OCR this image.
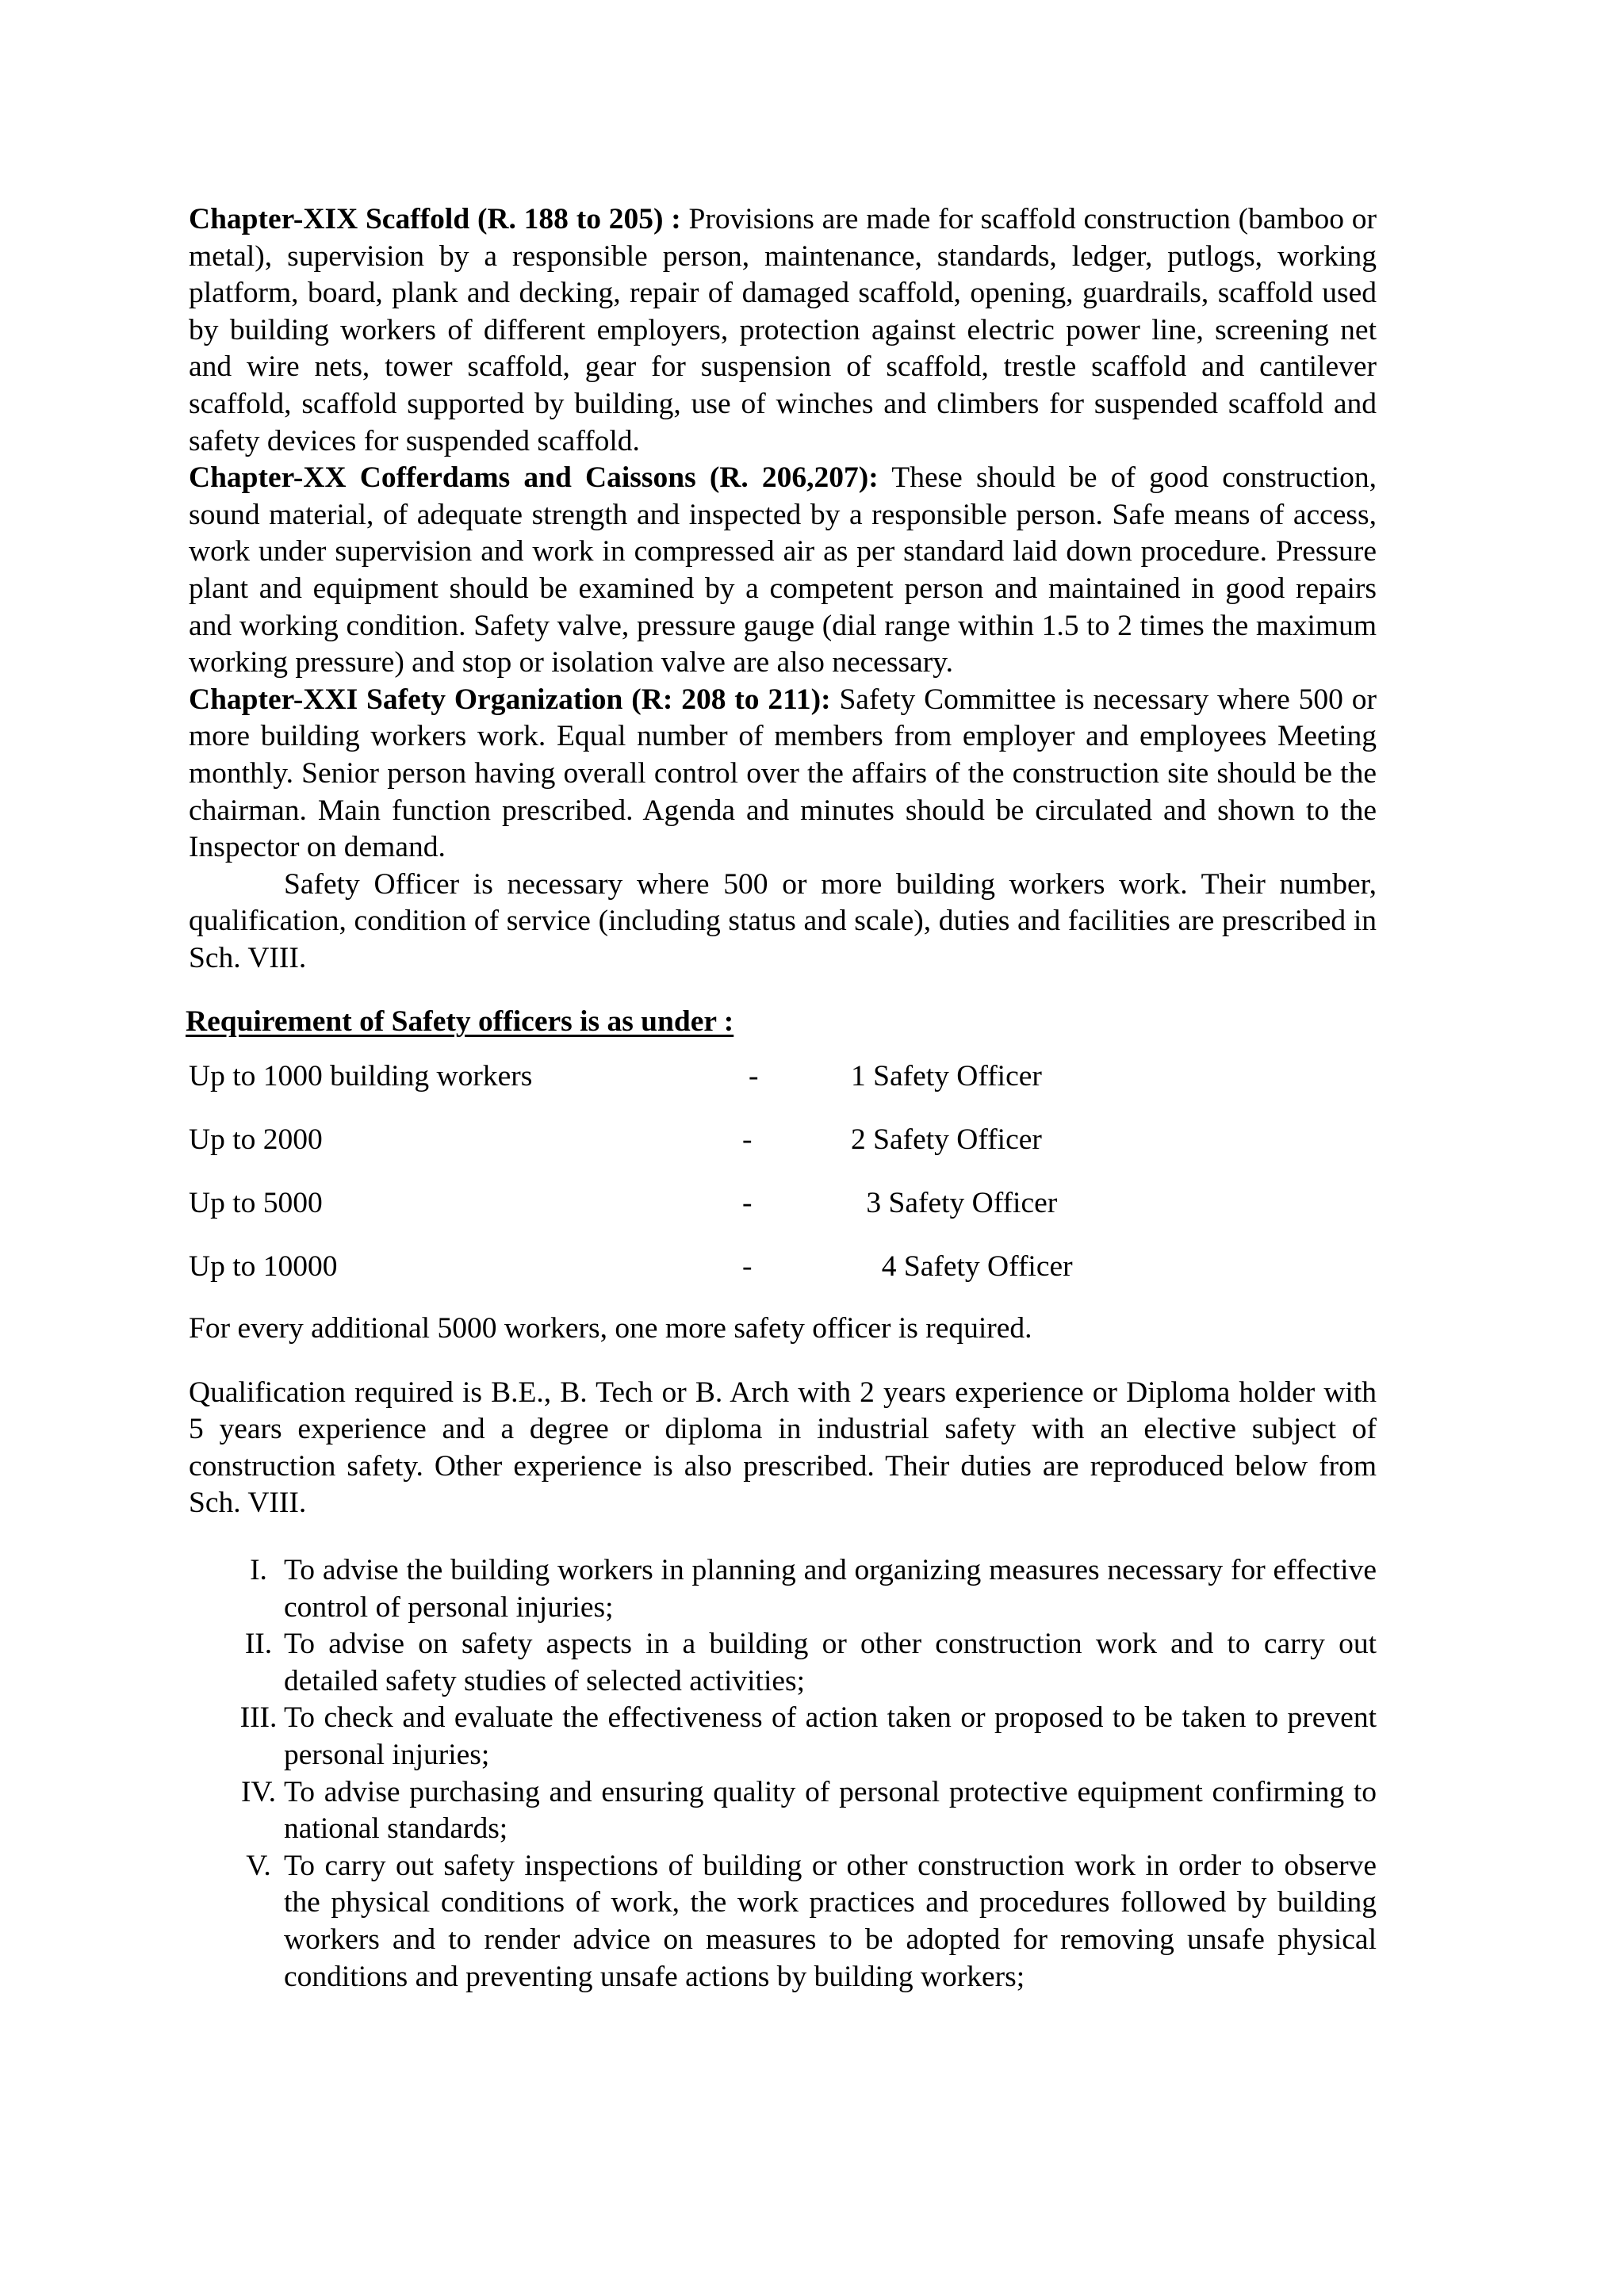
Chapter-XIX Scaffold (R. 188 to 205) : Provisions are made for scaffold construction (bamboo or metal), supervision by a responsible person, maintenance, standards, ledger, putlogs, working platform, board, plank and decking, repair of damaged scaffold, opening, guardrails, scaffold used by building workers of different employers, protection against electric power line, screening net and wire nets, tower scaffold, gear for suspension of scaffold, trestle scaffold and cantilever scaffold, scaffold supported by building, use of winches and climbers for suspended scaffold and safety devices for suspended scaffold.

Chapter-XX Cofferdams and Caissons (R. 206,207): These should be of good construction, sound material, of adequate strength and inspected by a responsible person. Safe means of access, work under supervision and work in compressed air as per standard laid down procedure. Pressure plant and equipment should be examined by a competent person and maintained in good repairs and working condition. Safety valve, pressure gauge (dial range within 1.5 to 2 times the maximum working pressure) and stop or isolation valve are also necessary.

Chapter-XXI Safety Organization (R: 208 to 211): Safety Committee is necessary where 500 or more building workers work. Equal number of members from employer and employees Meeting monthly. Senior person having overall control over the affairs of the construction site should be the chairman. Main function prescribed. Agenda and minutes should be circulated and shown to the Inspector on demand.

Safety Officer is necessary where 500 or more building workers work. Their number, qualification, condition of service (including status and scale), duties and facilities are prescribed in Sch. VIII.

Requirement of Safety officers is as under :

Up to 1000 building workers	-	1 Safety Officer
Up to 2000	-	2 Safety Officer
Up to 5000	-	3 Safety Officer
Up to 10000	-	4 Safety Officer

For every additional 5000 workers, one more safety officer is required.

Qualification required is B.E., B. Tech or B. Arch with 2 years experience or Diploma holder with 5 years experience and a degree or diploma in industrial safety with an elective subject of construction safety. Other experience is also prescribed. Their duties are reproduced below from Sch. VIII.

I. To advise the building workers in planning and organizing measures necessary for effective control of personal injuries;
II. To advise on safety aspects in a building or other construction work and to carry out detailed safety studies of selected activities;
III. To check and evaluate the effectiveness of action taken or proposed to be taken to prevent personal injuries;
IV. To advise purchasing and ensuring quality of personal protective equipment confirming to national standards;
V. To carry out safety inspections of building or other construction work in order to observe the physical conditions of work, the work practices and procedures followed by building workers and to render advice on measures to be adopted for removing unsafe physical conditions and preventing unsafe actions by building workers;
